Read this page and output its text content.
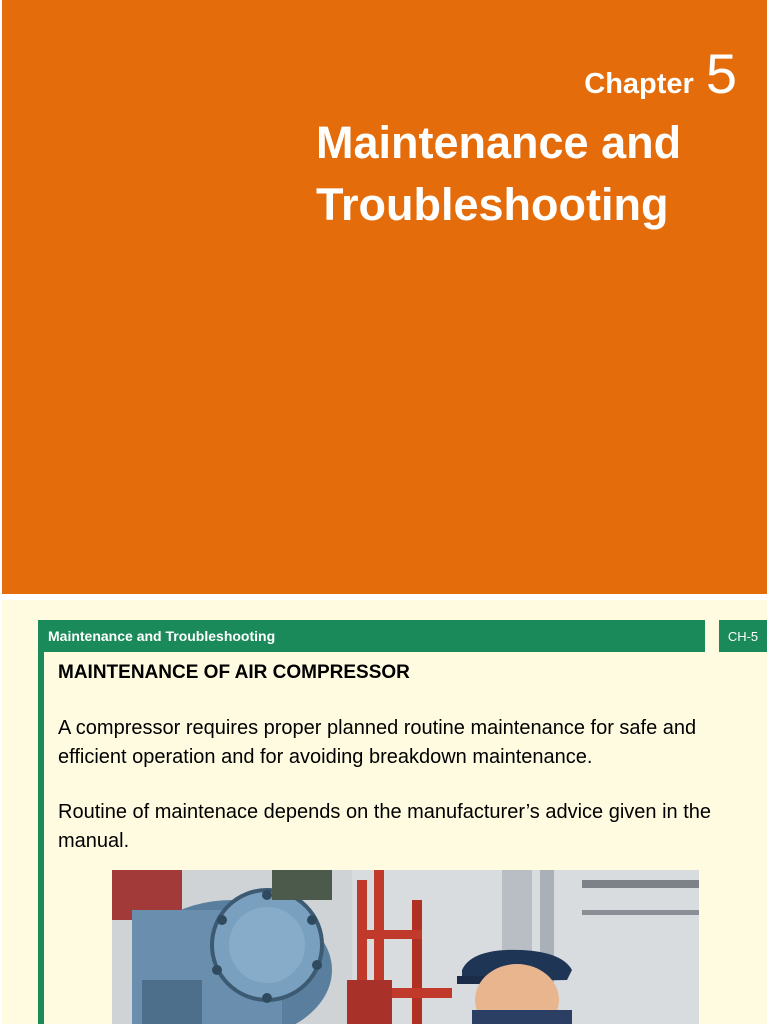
Chapter 5
Maintenance and
Troubleshooting
Maintenance and Troubleshooting	CH-5
MAINTENANCE OF AIR COMPRESSOR
A compressor requires proper planned routine maintenance for safe and efficient operation and for avoiding breakdown maintenance.
Routine of maintenace depends on the manufacturer’s advice given in the manual.
